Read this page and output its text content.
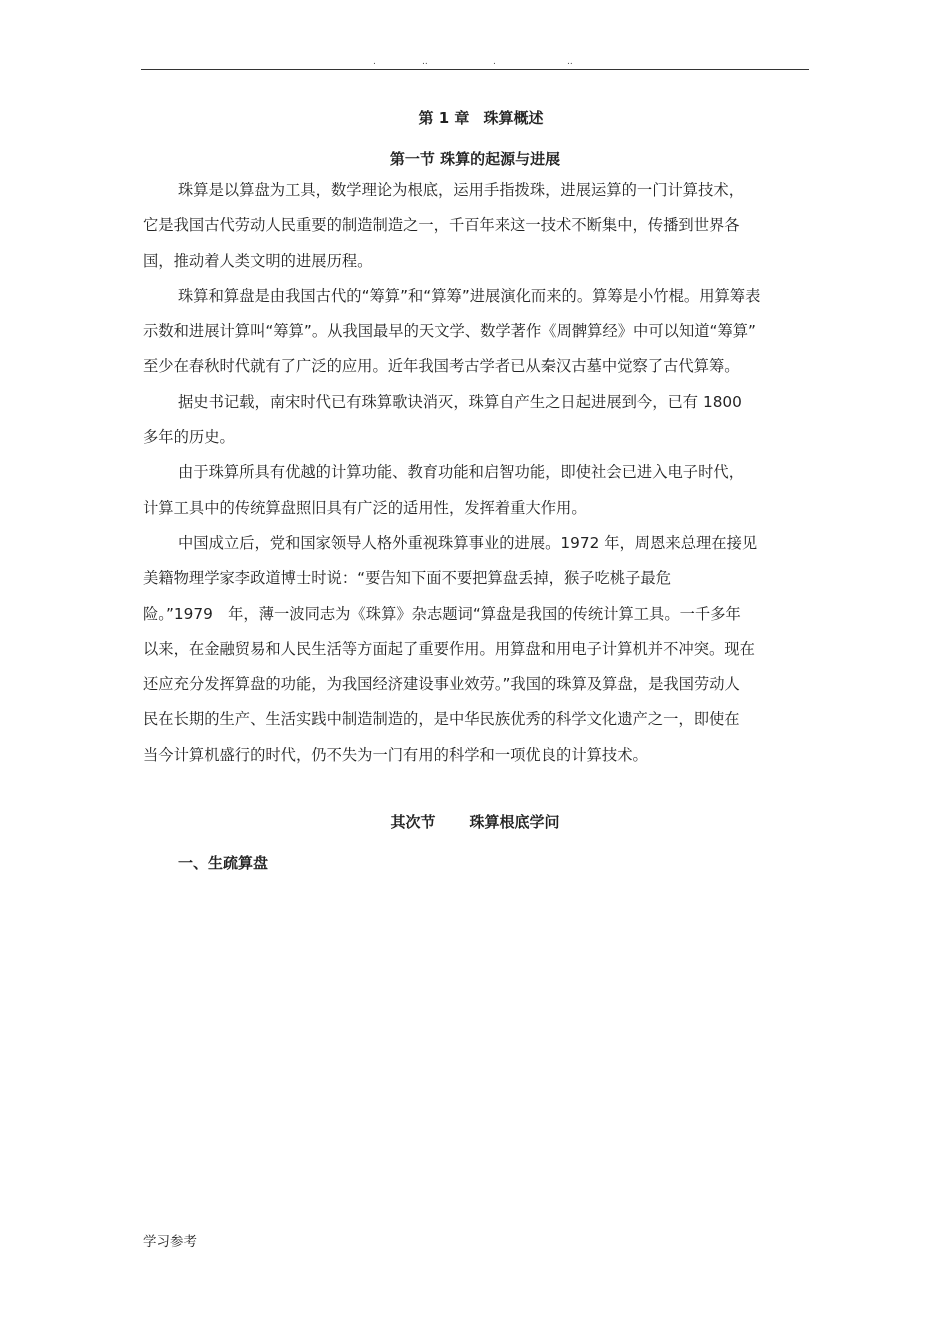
.	..	.	..
第 1 章 珠算概述
第一节 珠算的起源与进展
珠算是以算盘为工具，数学理论为根底，运用手指拨珠，进展运算的一门计算技术，
它是我国古代劳动人民重要的制造制造之一，千百年来这一技术不断集中，传播到世界各
国，推动着人类文明的进展历程。
珠算和算盘是由我国古代的“筹算”和“算筹”进展演化而来的。算筹是小竹棍。用算筹表
示数和进展计算叫“筹算”。从我国最早的天文学、数学著作《周髀算经》中可以知道“筹算”
至少在春秋时代就有了广泛的应用。近年我国考古学者已从秦汉古墓中觉察了古代算筹。
据史书记载，南宋时代已有珠算歌诀消灭，珠算自产生之日起进展到今，已有 1800
多年的历史。
由于珠算所具有优越的计算功能、教育功能和启智功能，即使社会已进入电子时代，
计算工具中的传统算盘照旧具有广泛的适用性，发挥着重大作用。
中国成立后，党和国家领导人格外重视珠算事业的进展。1972 年，周恩来总理在接见
美籍物理学家李政道博士时说：“要告知下面不要把算盘丢掉，猴子吃桃子最危
险。”1979　年，薄一波同志为《珠算》杂志题词“算盘是我国的传统计算工具。一千多年
以来，在金融贸易和人民生活等方面起了重要作用。用算盘和用电子计算机并不冲突。现在
还应充分发挥算盘的功能，为我国经济建设事业效劳。”我国的珠算及算盘，是我国劳动人
民在长期的生产、生活实践中制造制造的，是中华民族优秀的科学文化遗产之一，即使在
当今计算机盛行的时代，仍不失为一门有用的科学和一项优良的计算技术。
其次节 珠算根底学问
一、生疏算盘
学习参考
